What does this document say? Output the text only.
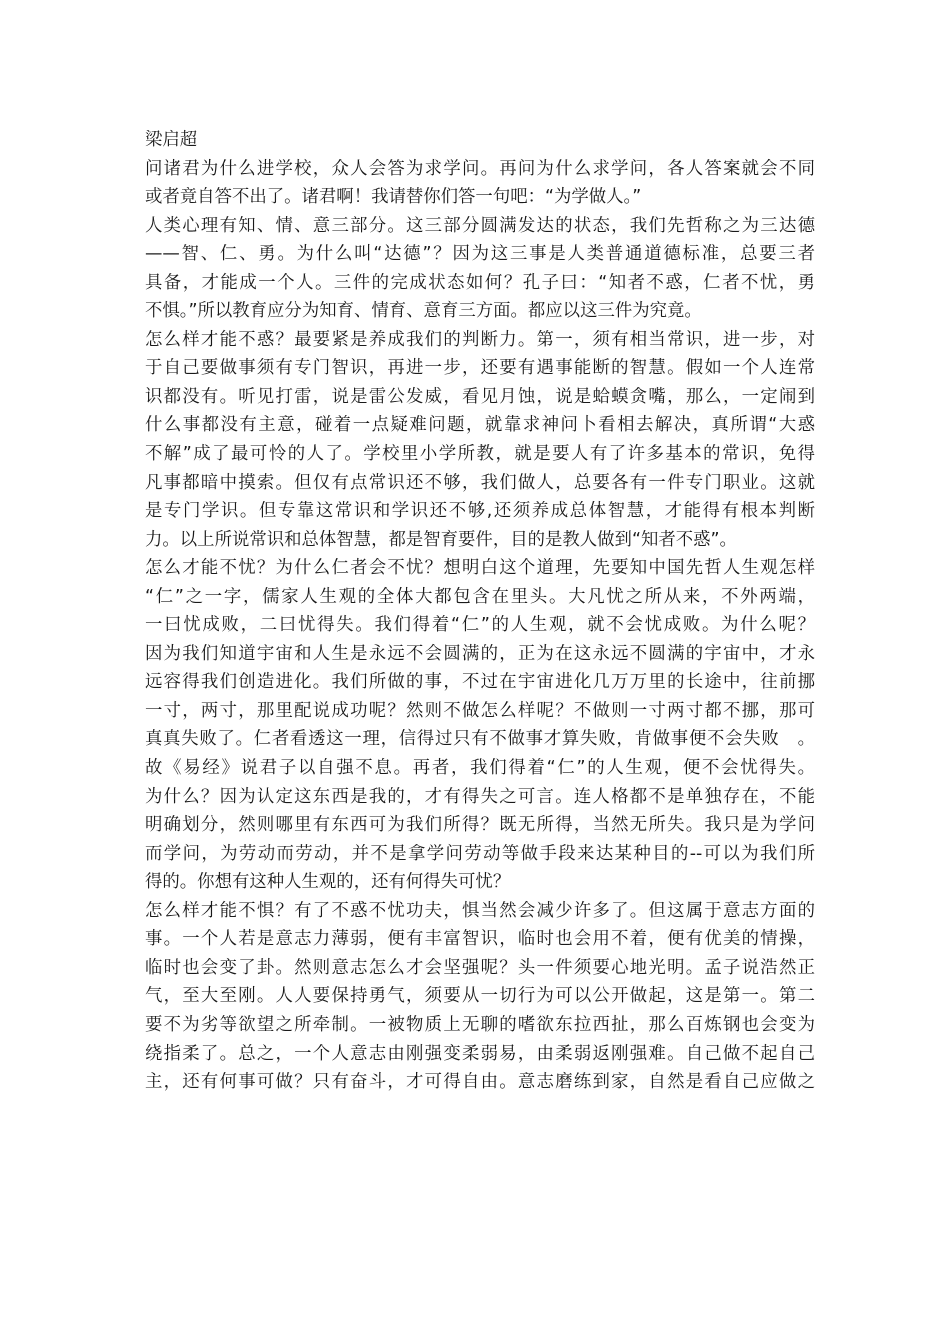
梁启超
问诸君为什么进学校，众人会答为求学问。再问为什么求学问，各人答案就会不同
或者竟自答不出了。诸君啊！我请替你们答一句吧：“为学做人。”
人类心理有知、情、意三部分。这三部分圆满发达的状态，我们先哲称之为三达德
——智、仁、勇。为什么叫“达德”？因为这三事是人类普通道德标准，总要三者
具备，才能成一个人。三件的完成状态如何？孔子曰：“知者不惑，仁者不忧，勇
不惧。”所以教育应分为知育、情育、意育三方面。都应以这三件为究竟。
怎么样才能不惑？最要紧是养成我们的判断力。第一，须有相当常识，进一步，对
于自己要做事须有专门智识，再进一步，还要有遇事能断的智慧。假如一个人连常
识都没有。听见打雷，说是雷公发威，看见月蚀，说是蛤蟆贪嘴，那么，一定闹到
什么事都没有主意，碰着一点疑难问题，就靠求神问卜看相去解决，真所谓“大惑
不解”成了最可怜的人了。学校里小学所教，就是要人有了许多基本的常识，免得
凡事都暗中摸索。但仅有点常识还不够，我们做人，总要各有一件专门职业。这就
是专门学识。但专靠这常识和学识还不够,还须养成总体智慧，才能得有根本判断
力。以上所说常识和总体智慧，都是智育要件，目的是教人做到“知者不惑”。
怎么才能不忧？为什么仁者会不忧？想明白这个道理，先要知中国先哲人生观怎样
“仁”之一字，儒家人生观的全体大都包含在里头。大凡忧之所从来，不外两端，
一曰忧成败，二曰忧得失。我们得着“仁”的人生观，就不会忧成败。为什么呢？
因为我们知道宇宙和人生是永远不会圆满的，正为在这永远不圆满的宇宙中，才永
远容得我们创造进化。我们所做的事，不过在宇宙进化几万万里的长途中，往前挪
一寸，两寸，那里配说成功呢？然则不做怎么样呢？不做则一寸两寸都不挪，那可
真真失败了。仁者看透这一理，信得过只有不做事才算失败，肯做事便不会失败　。
故《易经》说君子以自强不息。再者，我们得着“仁”的人生观，便不会忧得失。
为什么？因为认定这东西是我的，才有得失之可言。连人格都不是单独存在，不能
明确划分，然则哪里有东西可为我们所得？既无所得，当然无所失。我只是为学问
而学问，为劳动而劳动，并不是拿学问劳动等做手段来达某种目的--可以为我们所
得的。你想有这种人生观的，还有何得失可忧？
怎么样才能不惧？有了不惑不忧功夫，惧当然会减少许多了。但这属于意志方面的
事。一个人若是意志力薄弱，便有丰富智识，临时也会用不着，便有优美的情操，
临时也会变了卦。然则意志怎么才会坚强呢？头一件须要心地光明。孟子说浩然正
气，至大至刚。人人要保持勇气，须要从一切行为可以公开做起，这是第一。第二
要不为劣等欲望之所牵制。一被物质上无聊的嗜欲东拉西扯，那么百炼钢也会变为
绕指柔了。总之，一个人意志由刚强变柔弱易，由柔弱返刚强难。自己做不起自己
主，还有何事可做？只有奋斗，才可得自由。意志磨练到家，自然是看自己应做之
